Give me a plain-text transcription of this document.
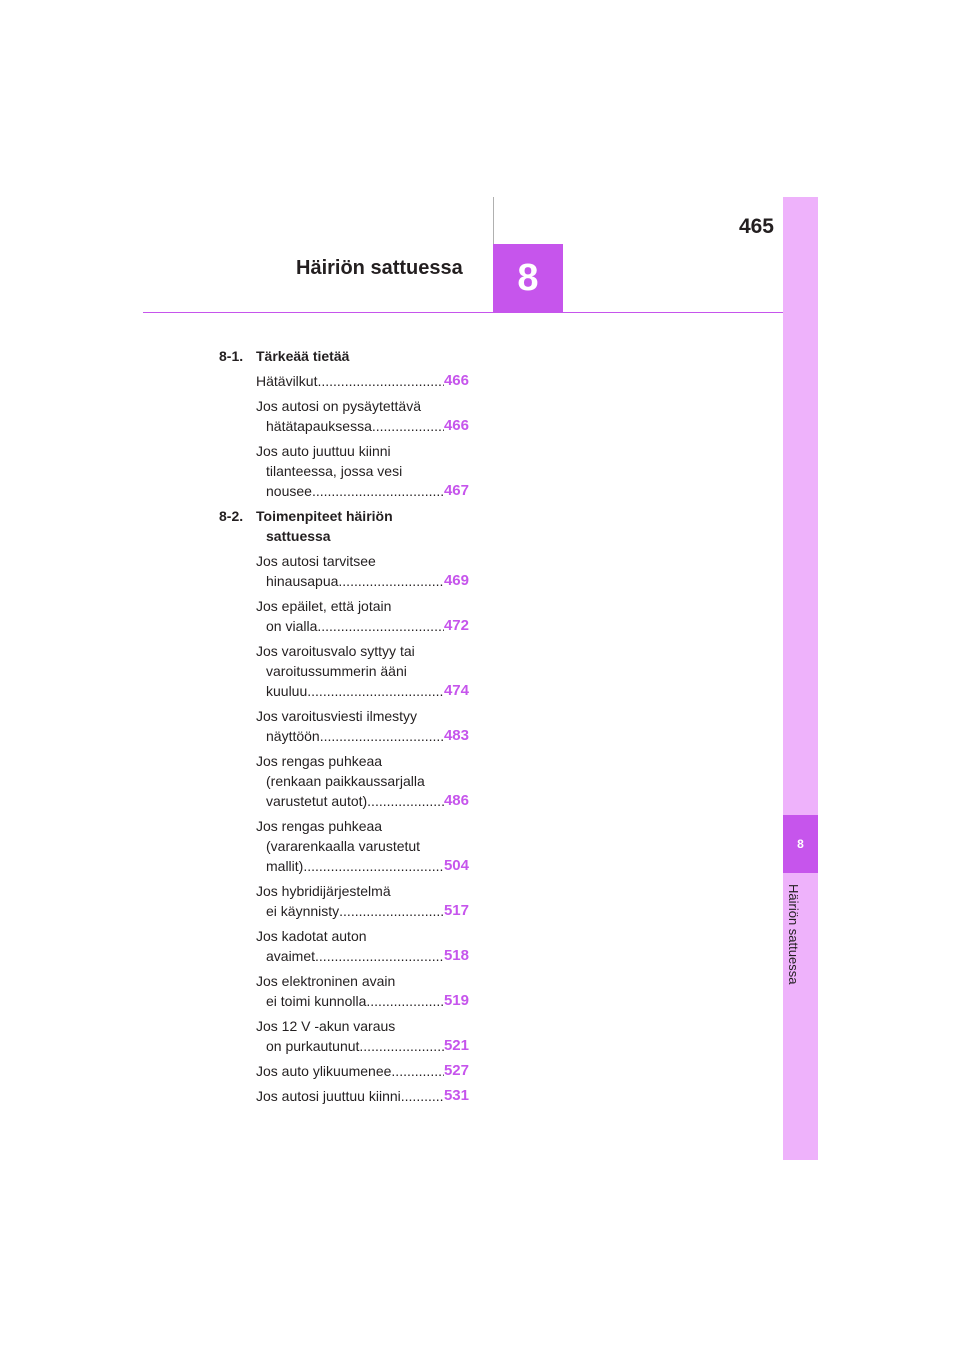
465
Häiriön sattuessa	8
8
Häiriön sattuessa
8-1. Tärkeää tietää
Hätävilkut .....	466
Jos autosi on pysäytettävä
hätätapauksessa .....	466
Jos auto juuttuu kiinni
tilanteessa, jossa vesi
nousee .....	467
8-2. Toimenpiteet häiriön
sattuessa
Jos autosi tarvitsee
hinausapua .....	469
Jos epäilet, että jotain
on vialla .....	472
Jos varoitusvalo syttyy tai
varoitussummerin ääni
kuuluu .....	474
Jos varoitusviesti ilmestyy
näyttöön .....	483
Jos rengas puhkeaa
(renkaan paikkaussarjalla
varustetut autot) .....	486
Jos rengas puhkeaa
(vararenkaalla varustetut
mallit) .....	504
Jos hybridijärjestelmä
ei käynnisty .....	517
Jos kadotat auton
avaimet .....	518
Jos elektroninen avain
ei toimi kunnolla .....	519
Jos 12 V -akun varaus
on purkautunut .....	521
Jos auto ylikuumenee .....	527
Jos autosi juuttuu kiinni .....	531
